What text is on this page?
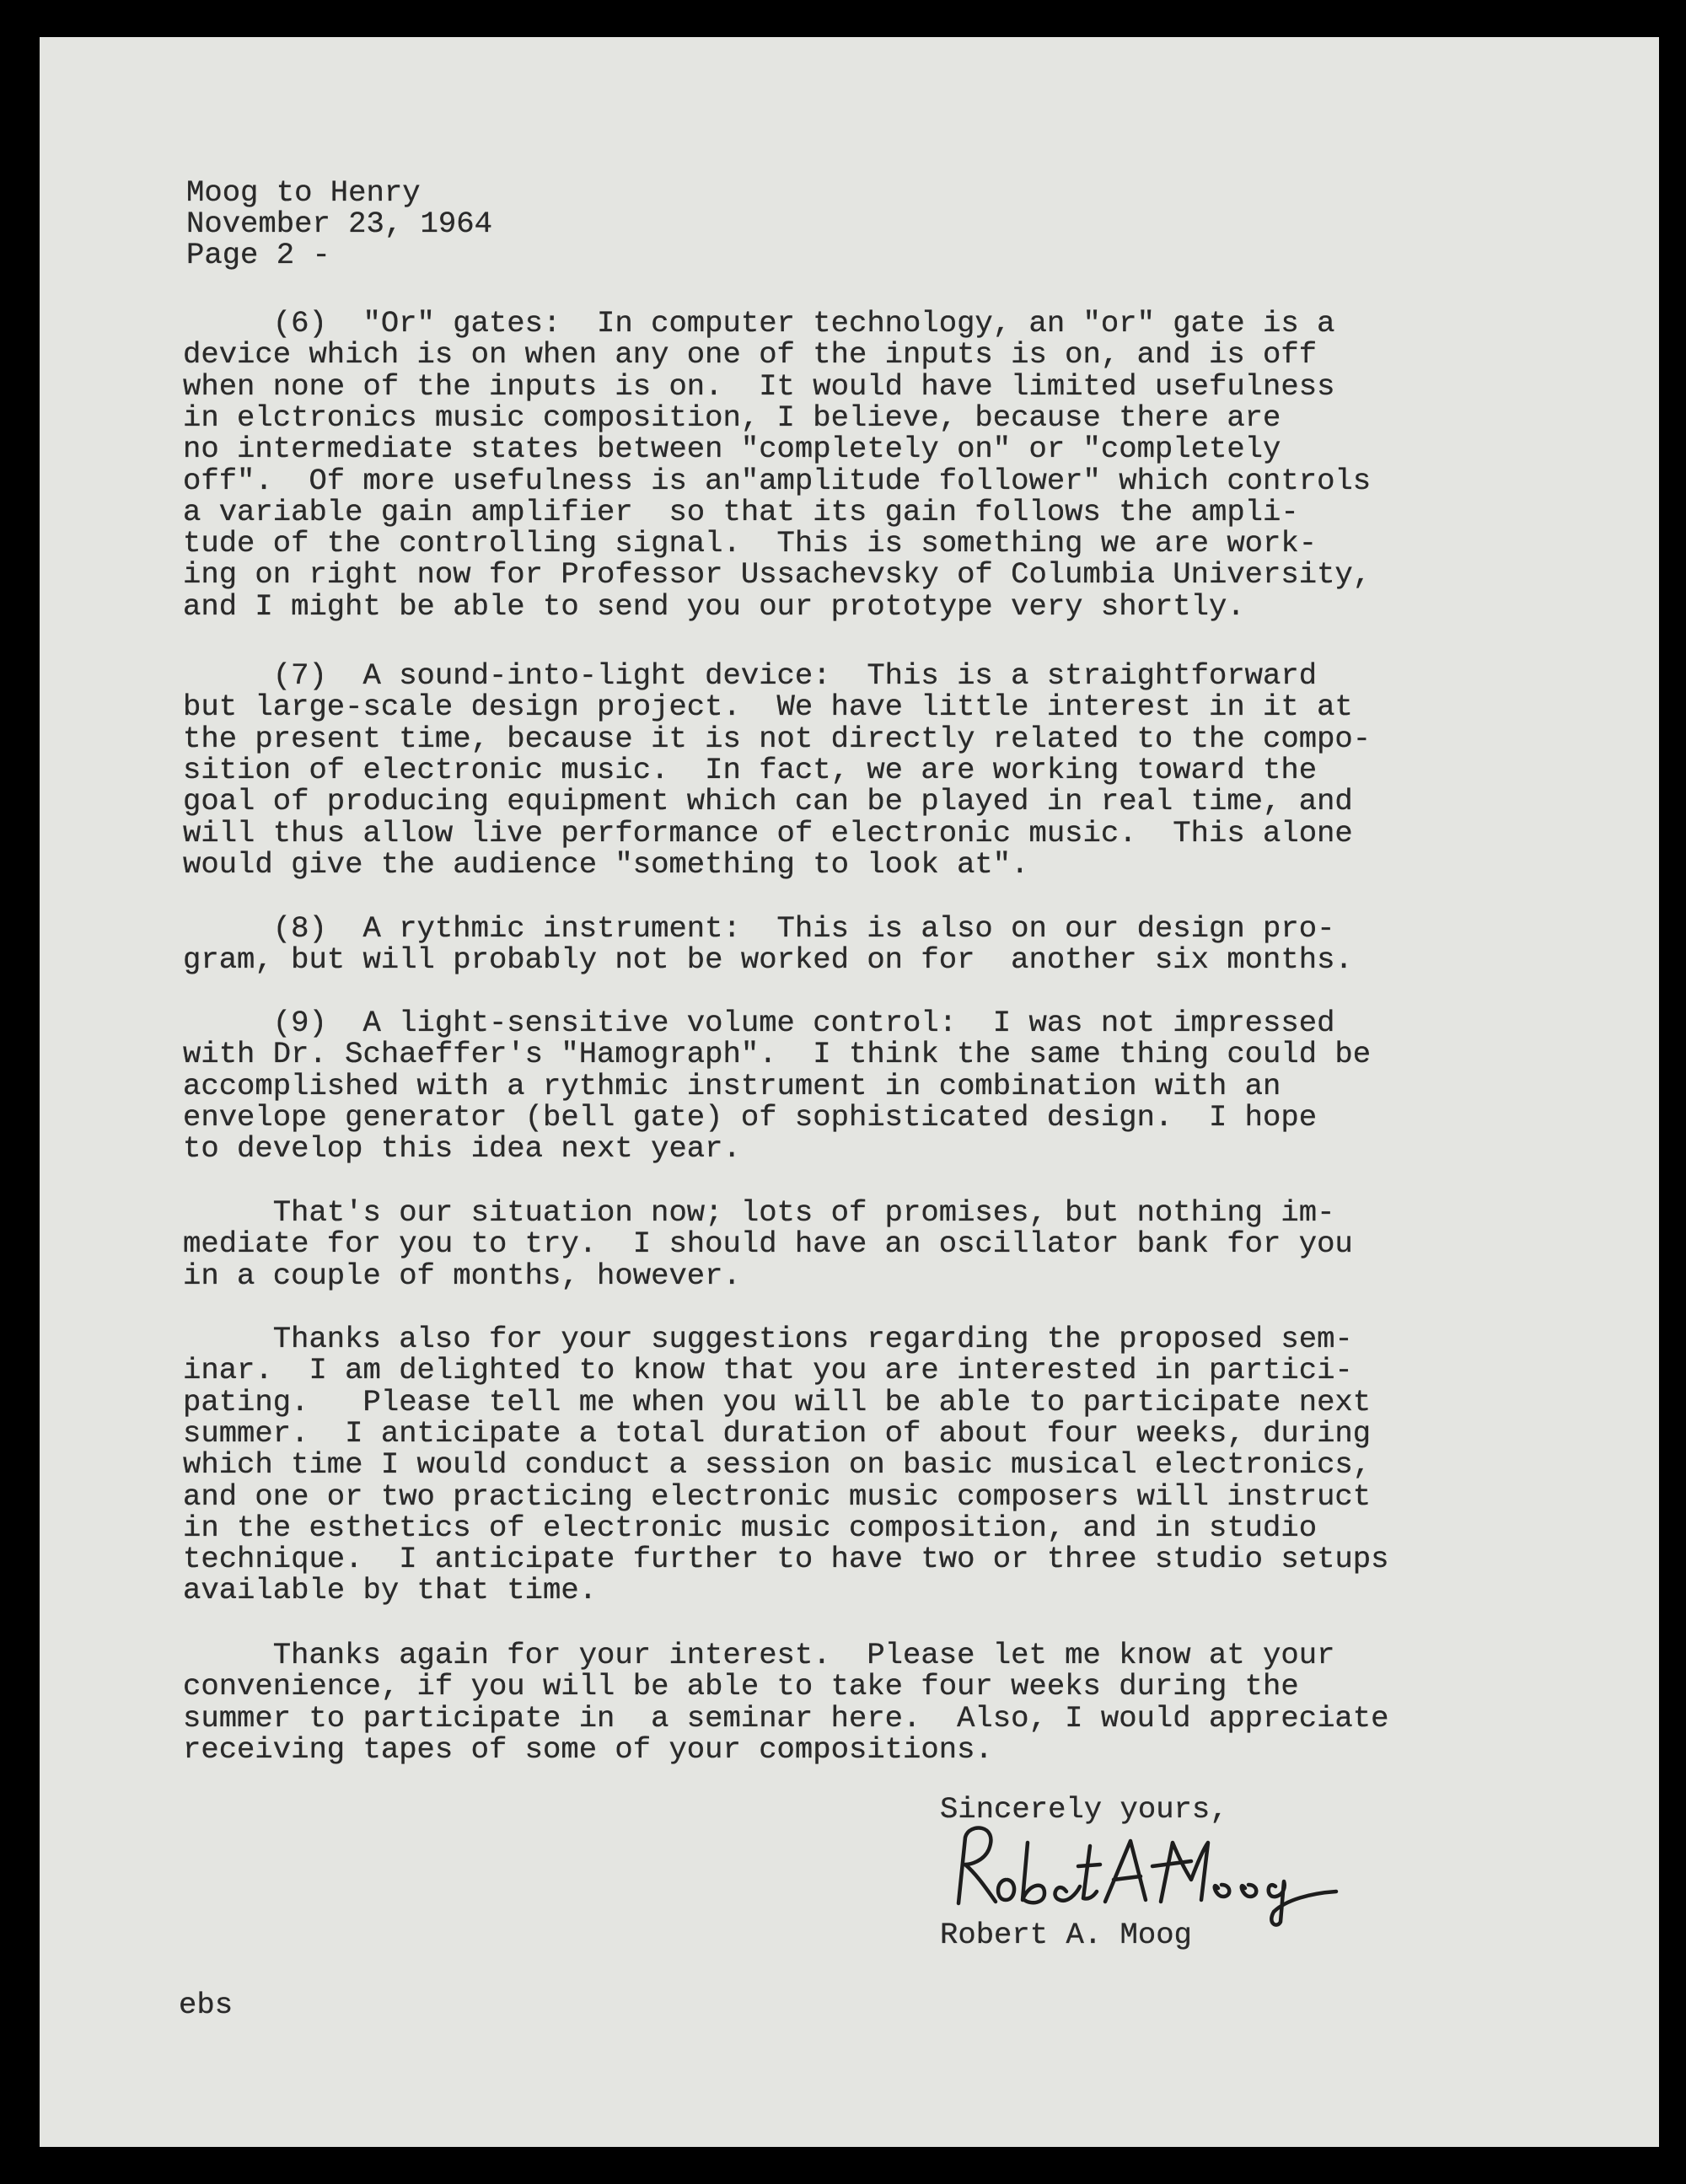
Moog to Henry
November 23, 1964
Page 2 -
(6)  "Or" gates:  In computer technology, an "or" gate is a
device which is on when any one of the inputs is on, and is off
when none of the inputs is on.  It would have limited usefulness
in elctronics music composition, I believe, because there are
no intermediate states between "completely on" or "completely
off".  Of more usefulness is an"amplitude follower" which controls
a variable gain amplifier  so that its gain follows the ampli-
tude of the controlling signal.  This is something we are work-
ing on right now for Professor Ussachevsky of Columbia University,
and I might be able to send you our prototype very shortly.
(7)  A sound-into-light device:  This is a straightforward
but large-scale design project.  We have little interest in it at
the present time, because it is not directly related to the compo-
sition of electronic music.  In fact, we are working toward the
goal of producing equipment which can be played in real time, and
will thus allow live performance of electronic music.  This alone
would give the audience "something to look at".
(8)  A rythmic instrument:  This is also on our design pro-
gram, but will probably not be worked on for  another six months.
(9)  A light-sensitive volume control:  I was not impressed
with Dr. Schaeffer's "Hamograph".  I think the same thing could be
accomplished with a rythmic instrument in combination with an
envelope generator (bell gate) of sophisticated design.  I hope
to develop this idea next year.
That's our situation now; lots of promises, but nothing im-
mediate for you to try.  I should have an oscillator bank for you
in a couple of months, however.
Thanks also for your suggestions regarding the proposed sem-
inar.  I am delighted to know that you are interested in partici-
pating.   Please tell me when you will be able to participate next
summer.  I anticipate a total duration of about four weeks, during
which time I would conduct a session on basic musical electronics,
and one or two practicing electronic music composers will instruct
in the esthetics of electronic music composition, and in studio
technique.  I anticipate further to have two or three studio setups
available by that time.
Thanks again for your interest.  Please let me know at your
convenience, if you will be able to take four weeks during the
summer to participate in  a seminar here.  Also, I would appreciate
receiving tapes of some of your compositions.
Sincerely yours,
Robert A. Moog
ebs
